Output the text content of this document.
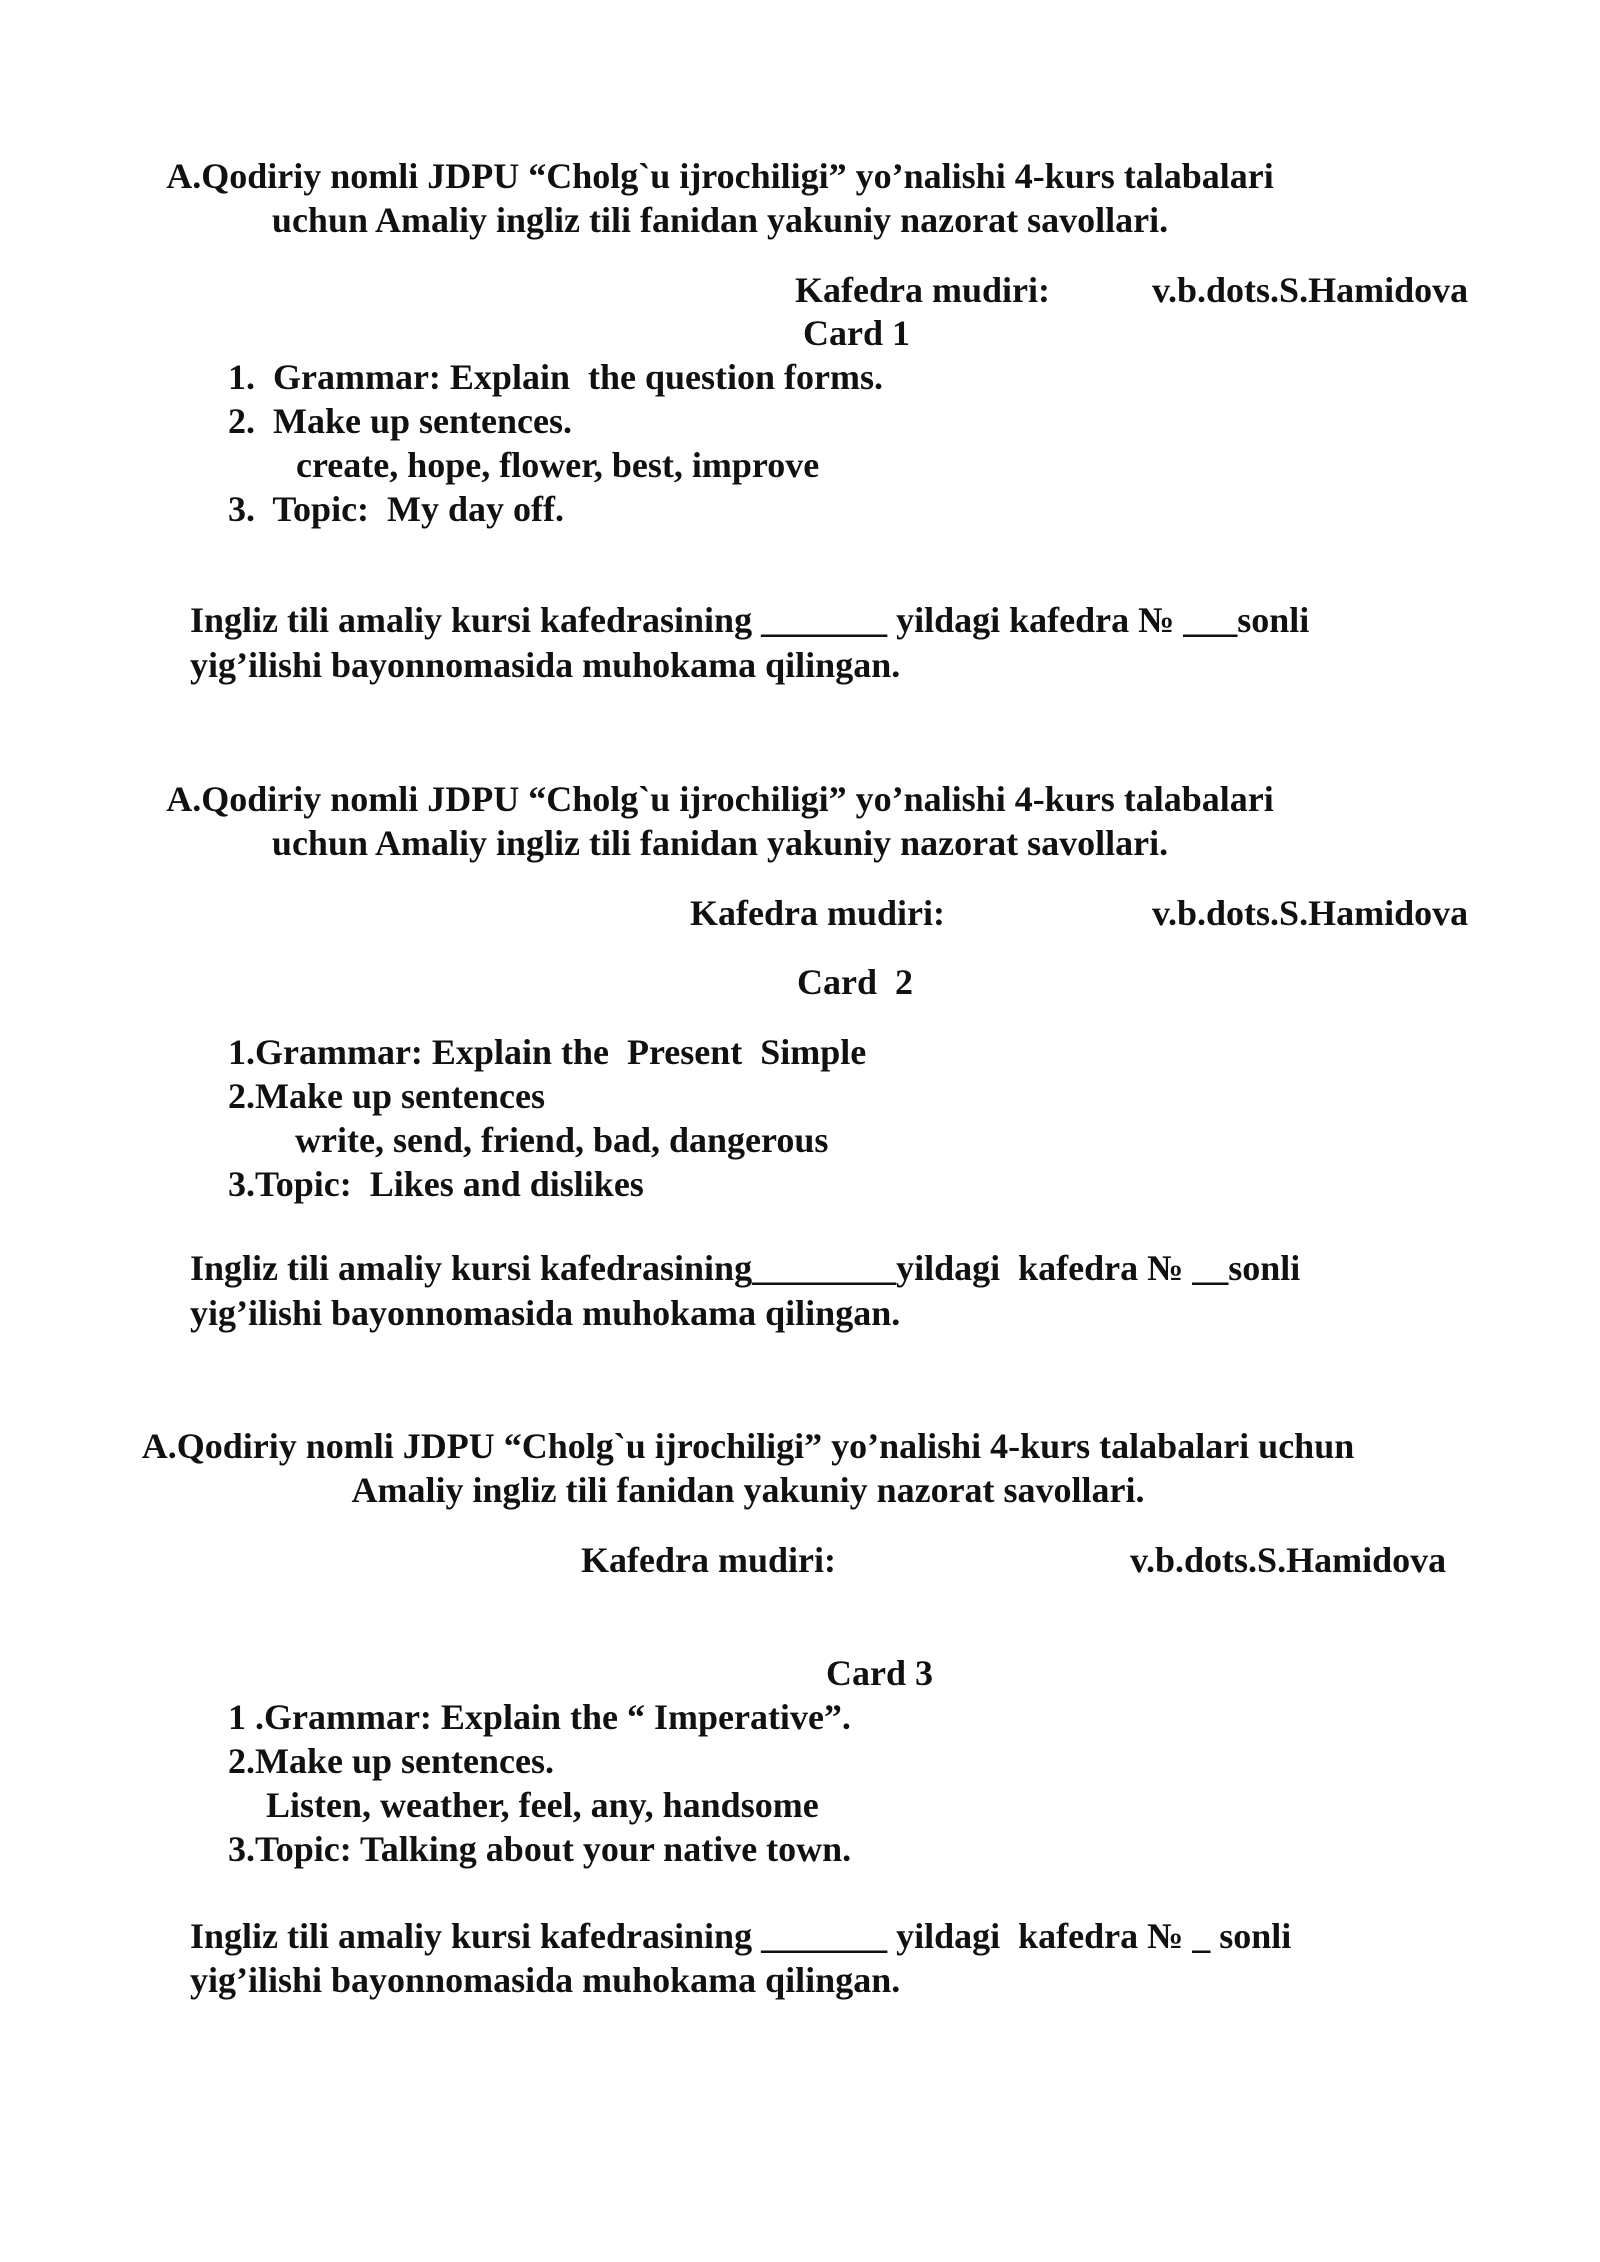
A.Qodiriy nomli JDPU “Cholg`u ijrochiligi” yo’nalishi 4-kurs talabalari

uchun Amaliy ingliz tili fanidan yakuniy nazorat savollari.

Kafedra mudiri:	v.b.dots.S.Hamidova

Card 1

1.  Grammar: Explain  the question forms.

2.  Make up sentences.

create, hope, flower, best, improve

3.  Topic:  My day off.

Ingliz tili amaliy kursi kafedrasining _______ yildagi kafedra № ___sonli

yig’ilishi bayonnomasida muhokama qilingan.

A.Qodiriy nomli JDPU “Cholg`u ijrochiligi” yo’nalishi 4-kurs talabalari

uchun Amaliy ingliz tili fanidan yakuniy nazorat savollari.

Kafedra mudiri:	v.b.dots.S.Hamidova

Card  2

1.Grammar: Explain the  Present  Simple

2.Make up sentences

write, send, friend, bad, dangerous

3.Topic:  Likes and dislikes

Ingliz tili amaliy kursi kafedrasining________yildagi  kafedra № __sonli

yig’ilishi bayonnomasida muhokama qilingan.

A.Qodiriy nomli JDPU “Cholg`u ijrochiligi” yo’nalishi 4-kurs talabalari uchun

Amaliy ingliz tili fanidan yakuniy nazorat savollari.

Kafedra mudiri:	v.b.dots.S.Hamidova

Card 3

1 .Grammar: Explain the “ Imperative”.

2.Make up sentences.

Listen, weather, feel, any, handsome

3.Topic: Talking about your native town.

Ingliz tili amaliy kursi kafedrasining _______ yildagi  kafedra № _ sonli

yig’ilishi bayonnomasida muhokama qilingan.
